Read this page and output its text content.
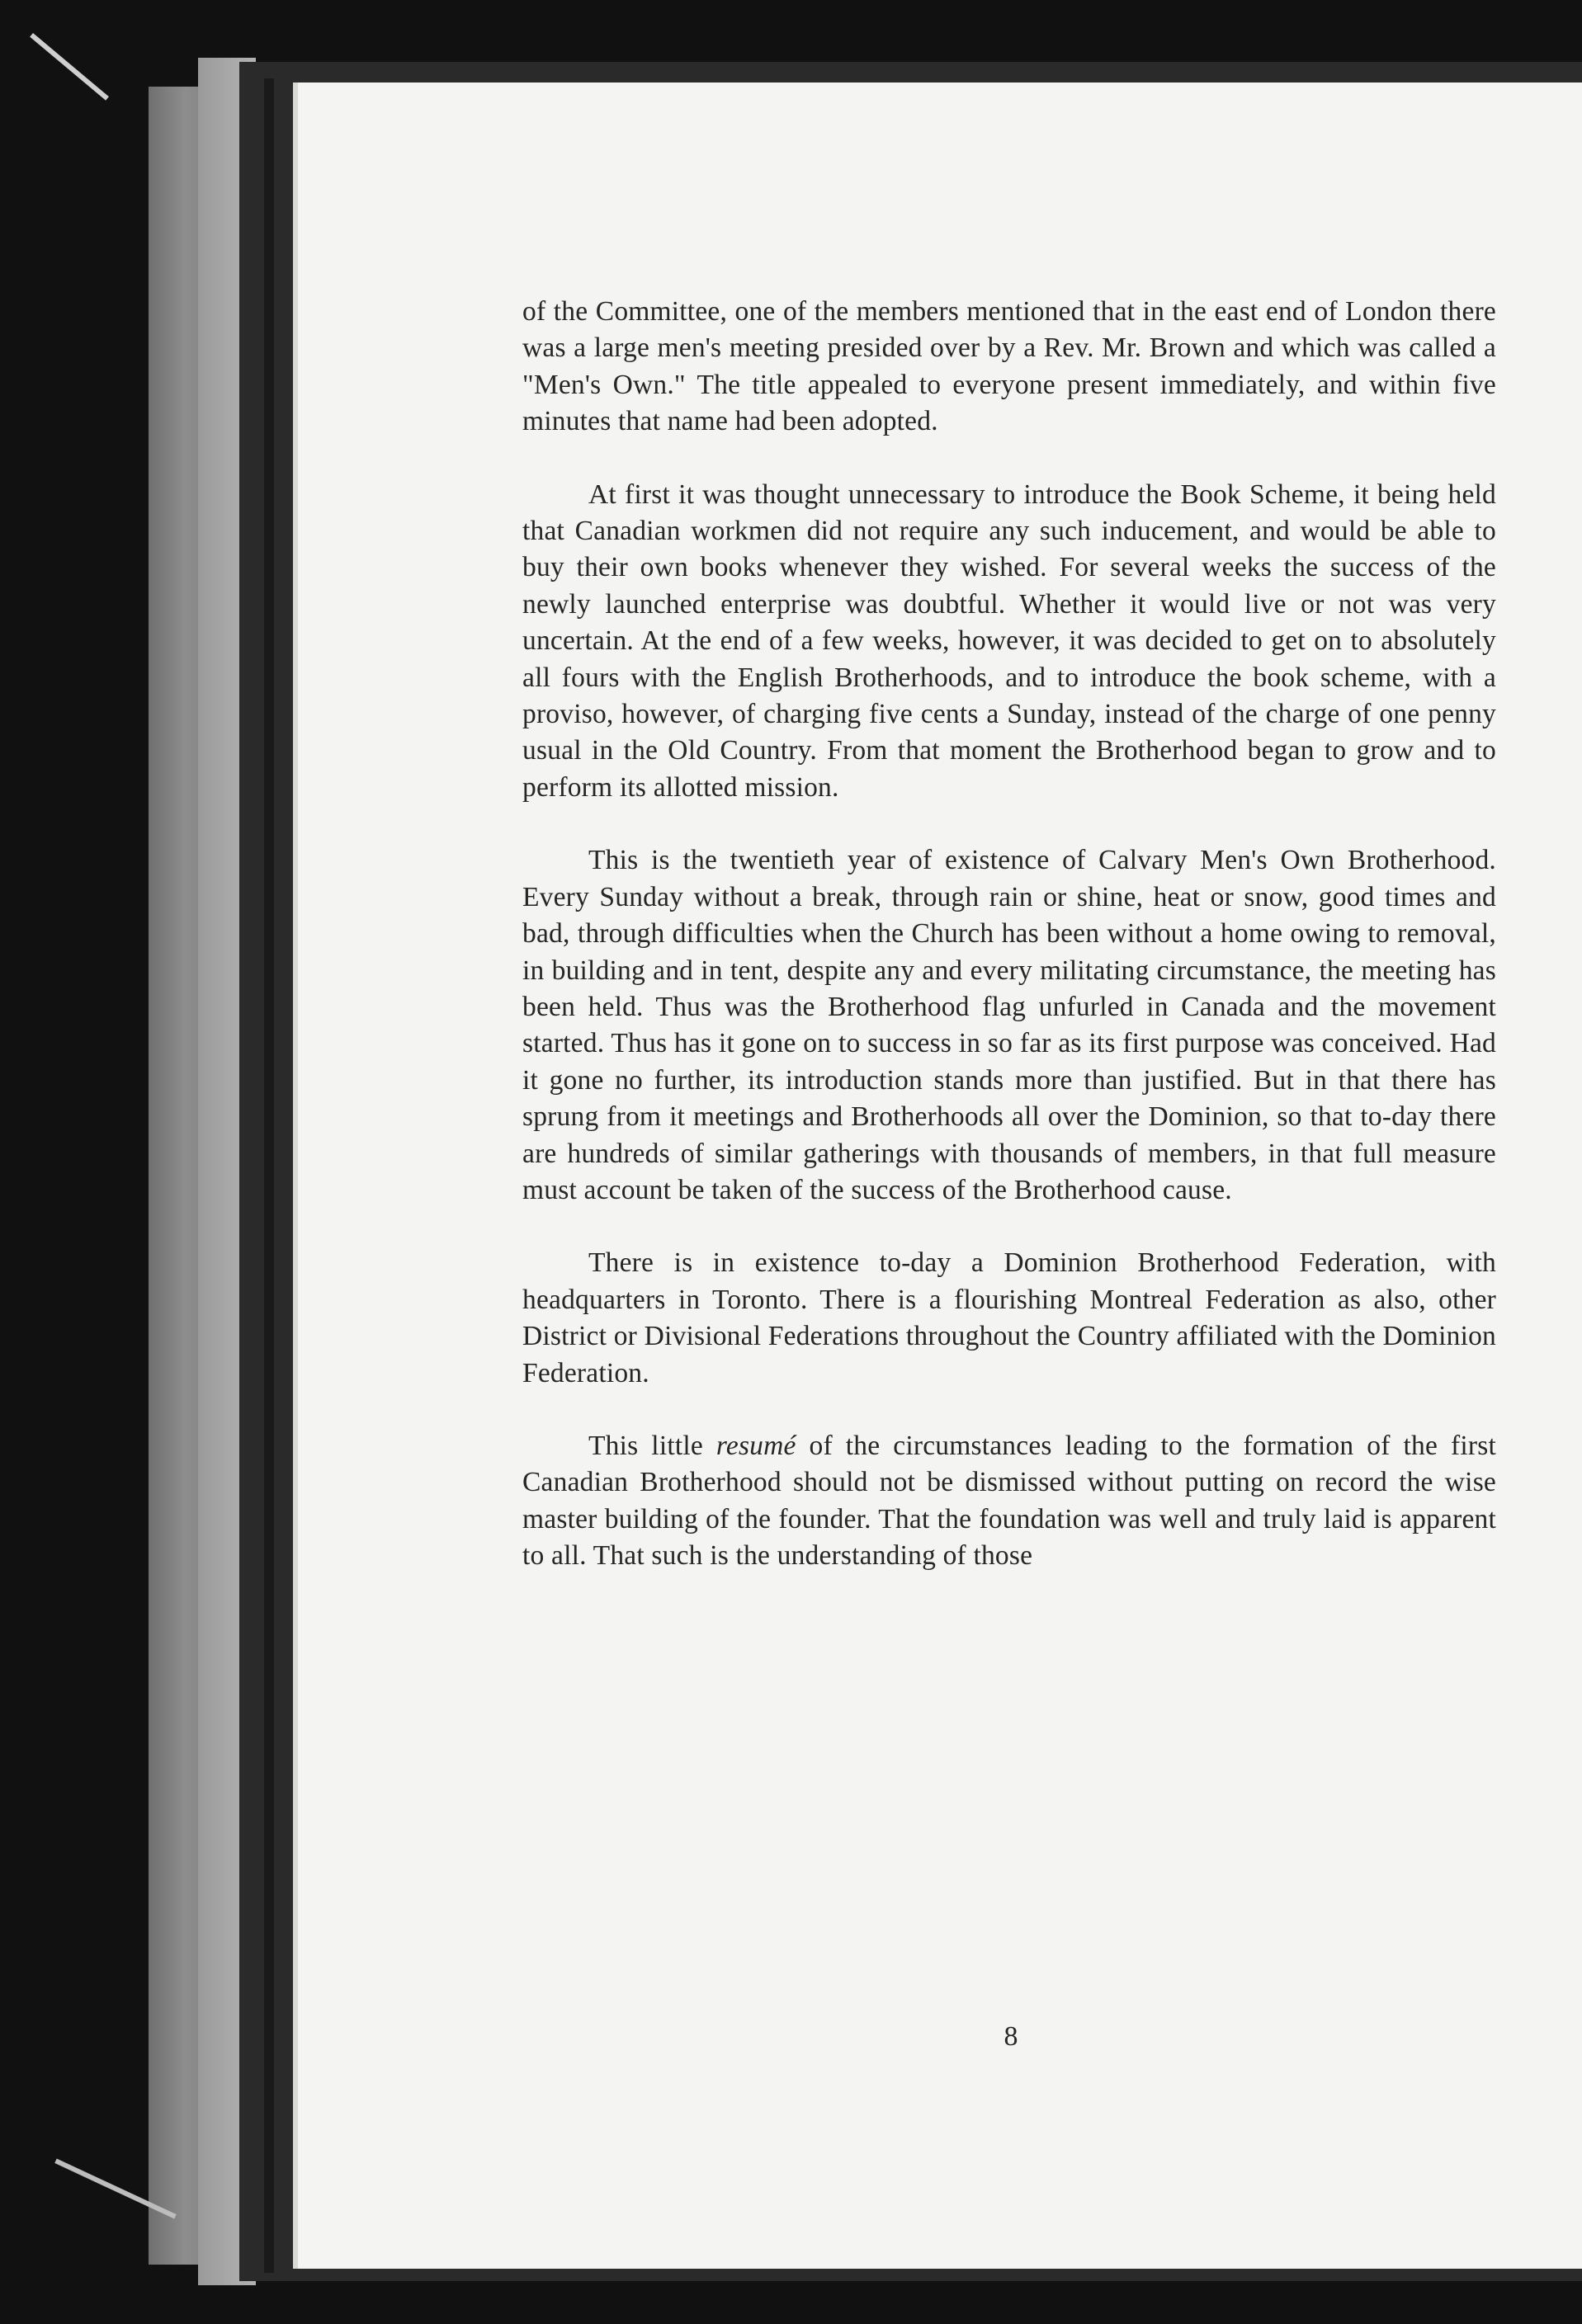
of the Committee, one of the members mentioned that in the east end of London there was a large men's meeting presided over by a Rev. Mr. Brown and which was called a "Men's Own." The title appealed to everyone present immediately, and within five minutes that name had been adopted.

At first it was thought unnecessary to introduce the Book Scheme, it being held that Canadian workmen did not require any such inducement, and would be able to buy their own books whenever they wished. For several weeks the success of the newly launched enterprise was doubtful. Whether it would live or not was very uncertain. At the end of a few weeks, however, it was decided to get on to absolutely all fours with the English Brotherhoods, and to introduce the book scheme, with a proviso, however, of charging five cents a Sunday, instead of the charge of one penny usual in the Old Country. From that moment the Brotherhood began to grow and to perform its allotted mission.

This is the twentieth year of existence of Calvary Men's Own Brotherhood. Every Sunday without a break, through rain or shine, heat or snow, good times and bad, through difficulties when the Church has been without a home owing to removal, in building and in tent, despite any and every militating circumstance, the meeting has been held. Thus was the Brotherhood flag unfurled in Canada and the movement started. Thus has it gone on to success in so far as its first purpose was conceived. Had it gone no further, its introduction stands more than justified. But in that there has sprung from it meetings and Brotherhoods all over the Dominion, so that to-day there are hundreds of similar gatherings with thousands of members, in that full measure must account be taken of the success of the Brotherhood cause.

There is in existence to-day a Dominion Brotherhood Federation, with headquarters in Toronto. There is a flourishing Montreal Federation as also, other District or Divisional Federations throughout the Country affiliated with the Dominion Federation.

This little resumé of the circumstances leading to the formation of the first Canadian Brotherhood should not be dismissed without putting on record the wise master building of the founder. That the foundation was well and truly laid is apparent to all. That such is the understanding of those

8
